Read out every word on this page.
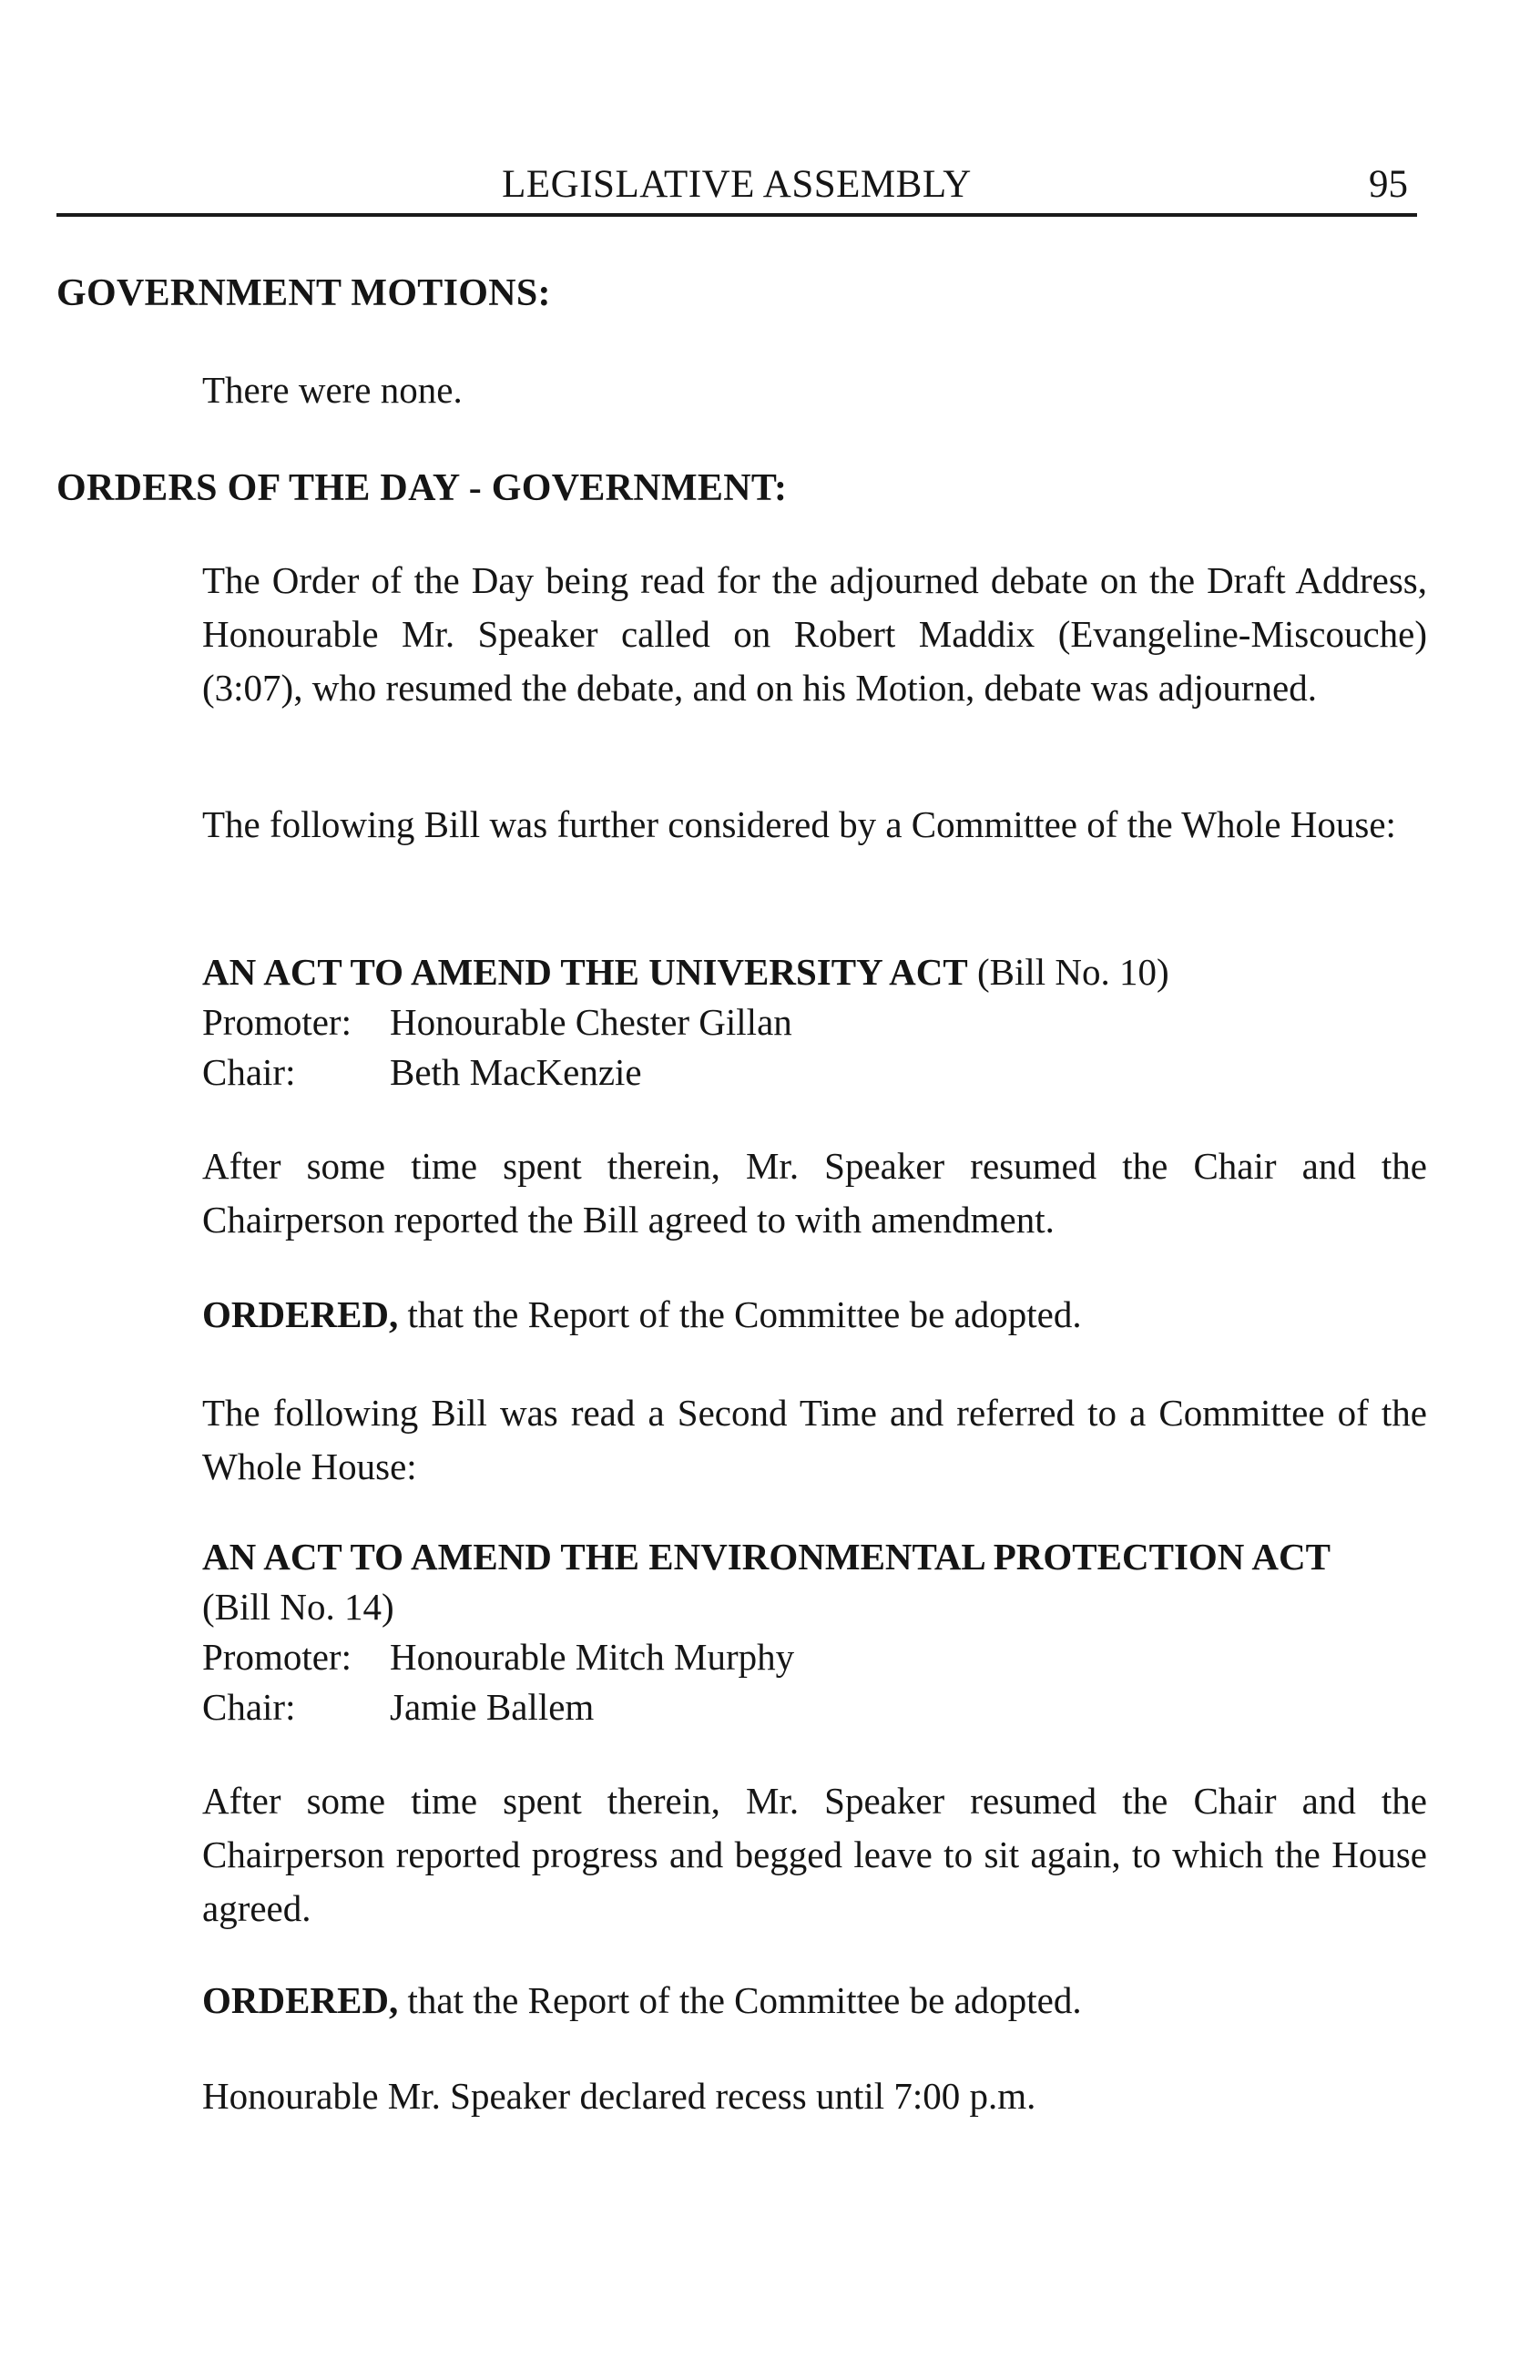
LEGISLATIVE ASSEMBLY	95
GOVERNMENT MOTIONS:
There were none.
ORDERS OF THE DAY - GOVERNMENT:

The Order of the Day being read for the adjourned debate on the Draft Address, Honourable Mr. Speaker called on Robert Maddix (Evangeline-Miscouche) (3:07), who resumed the debate, and on his Motion, debate was adjourned.

The following Bill was further considered by a Committee of the Whole House:

AN ACT TO AMEND THE UNIVERSITY ACT (Bill No. 10)
Promoter: Honourable Chester Gillan
Chair:	Beth MacKenzie

After some time spent therein, Mr. Speaker resumed the Chair and the Chairperson reported the Bill agreed to with amendment.

ORDERED, that the Report of the Committee be adopted.

The following Bill was read a Second Time and referred to a Committee of the Whole House:

AN ACT TO AMEND THE ENVIRONMENTAL PROTECTION ACT
(Bill No. 14)
Promoter: Honourable Mitch Murphy
Chair:	Jamie Ballem

After some time spent therein, Mr. Speaker resumed the Chair and the Chairperson reported progress and begged leave to sit again, to which the House agreed.

ORDERED, that the Report of the Committee be adopted.
Honourable Mr. Speaker declared recess until 7:00 p.m.
